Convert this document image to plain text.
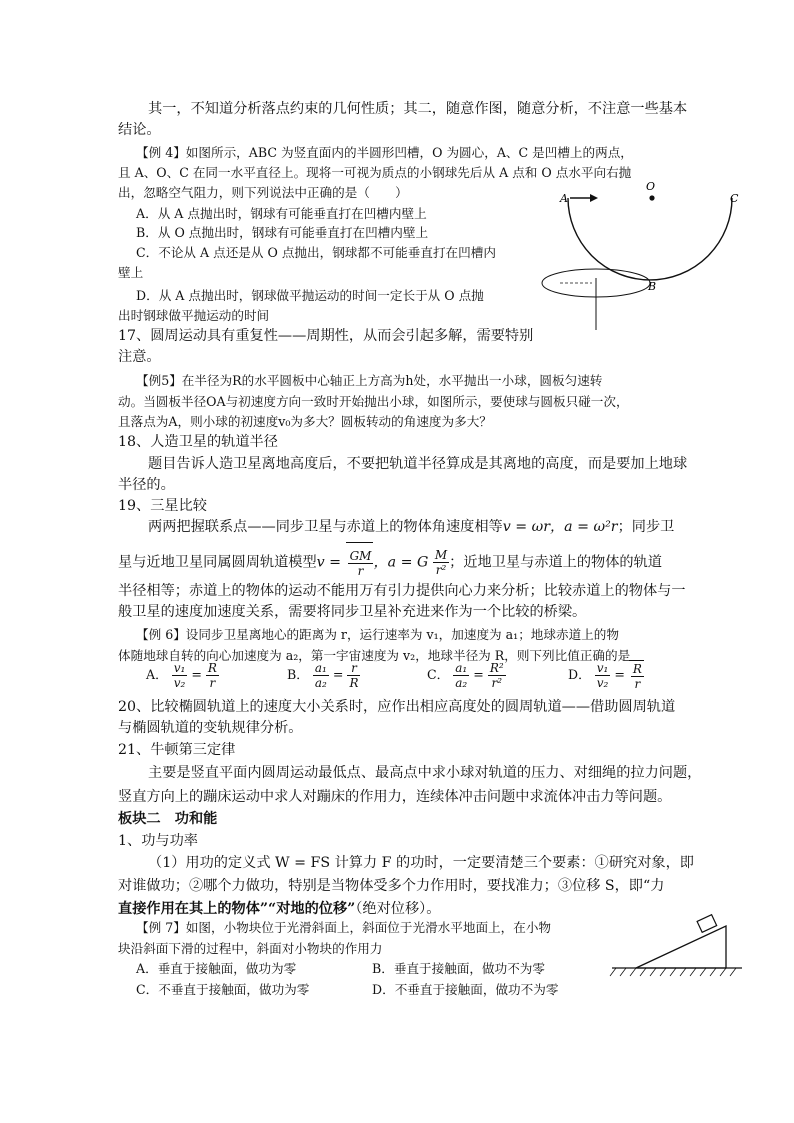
其一，不知道分析落点约束的几何性质；其二，随意作图，随意分析，不注意一些基本
结论。
【例 4】如图所示，ABC 为竖直面内的半圆形凹槽，O 为圆心，A、C 是凹槽上的两点，
且 A、O、C 在同一水平直径上。现将一可视为质点的小钢球先后从 A 点和 O 点水平向右抛
出，忽略空气阻力，则下列说法中正确的是（　　）
A．从 A 点抛出时，钢球有可能垂直打在凹槽内壁上
B．从 O 点抛出时，钢球有可能垂直打在凹槽内壁上
C．不论从 A 点还是从 O 点抛出，钢球都不可能垂直打在凹槽内
壁上
D．从 A 点抛出时，钢球做平抛运动的时间一定长于从 O 点抛
出时钢球做平抛运动的时间
A
O
C
B
17、圆周运动具有重复性——周期性，从而会引起多解，需要特别
注意。
【例5】在半径为R的水平圆板中心轴正上方高为h处，水平抛出一小球，圆板匀速转
动。当圆板半径OA与初速度方向一致时开始抛出小球，如图所示，要使球与圆板只碰一次，
且落点为A，则小球的初速度v₀为多大？圆板转动的角速度为多大？
18、人造卫星的轨道半径
题目告诉人造卫星离地高度后，不要把轨道半径算成是其离地的高度，而是要加上地球
半径的。
19、三星比较
两两把握联系点——同步卫星与赤道上的物体角速度相等v = ωr，a = ω²r；同步卫
星与近地卫星同属圆周轨道模型$v = \frac{GM}{r}$ ，a = G $\frac{M}{\text{r²}}$ ；近地卫星与赤道上的物体的轨道
半径相等；赤道上的物体的运动不能用万有引力提供向心力来分析；比较赤道上的物体与一
般卫星的速度加速度关系，需要将同步卫星补充进来作为一个比较的桥梁。
【例 6】设同步卫星离地心的距离为 r，运行速率为 v₁，加速度为 a₁；地球赤道上的物
体随地球自转的向心加速度为 a₂，第一宇宙速度为 v₂，地球半径为 R，则下列比值正确的是
A． $\frac{\text{v₁}}{\text{v₂}} = \frac{R}{r}$	B． $\frac{\text{a₁}}{\text{a₂}} = \frac{r}{R}$	C． $\frac{\text{a₁}}{\text{a₂}} = \frac{\text{R²}}{\text{r²}}$	D． $\frac{\text{v₁}}{\text{v₂}} = \frac{R}{r}$
20、比较椭圆轨道上的速度大小关系时，应作出相应高度处的圆周轨道——借助圆周轨道
与椭圆轨道的变轨规律分析。
21、牛顿第三定律
主要是竖直平面内圆周运动最低点、最高点中求小球对轨道的压力、对细绳的拉力问题，
竖直方向上的蹦床运动中求人对蹦床的作用力，连续体冲击问题中求流体冲击力等问题。
板块二　功和能
1、功与功率
（1）用功的定义式 W = FS 计算力 F 的功时，一定要清楚三个要素：①研究对象，即
对谁做功；②哪个力做功，特别是当物体受多个力作用时，要找准力；③位移 S，即“力
直接作用在其上的物体”“对地的位移”（绝对位移）。
【例 7】如图，小物块位于光滑斜面上，斜面位于光滑水平地面上，在小物
块沿斜面下滑的过程中，斜面对小物块的作用力
A．垂直于接触面，做功为零	B．垂直于接触面，做功不为零
C．不垂直于接触面，做功为零	D．不垂直于接触面，做功不为零
